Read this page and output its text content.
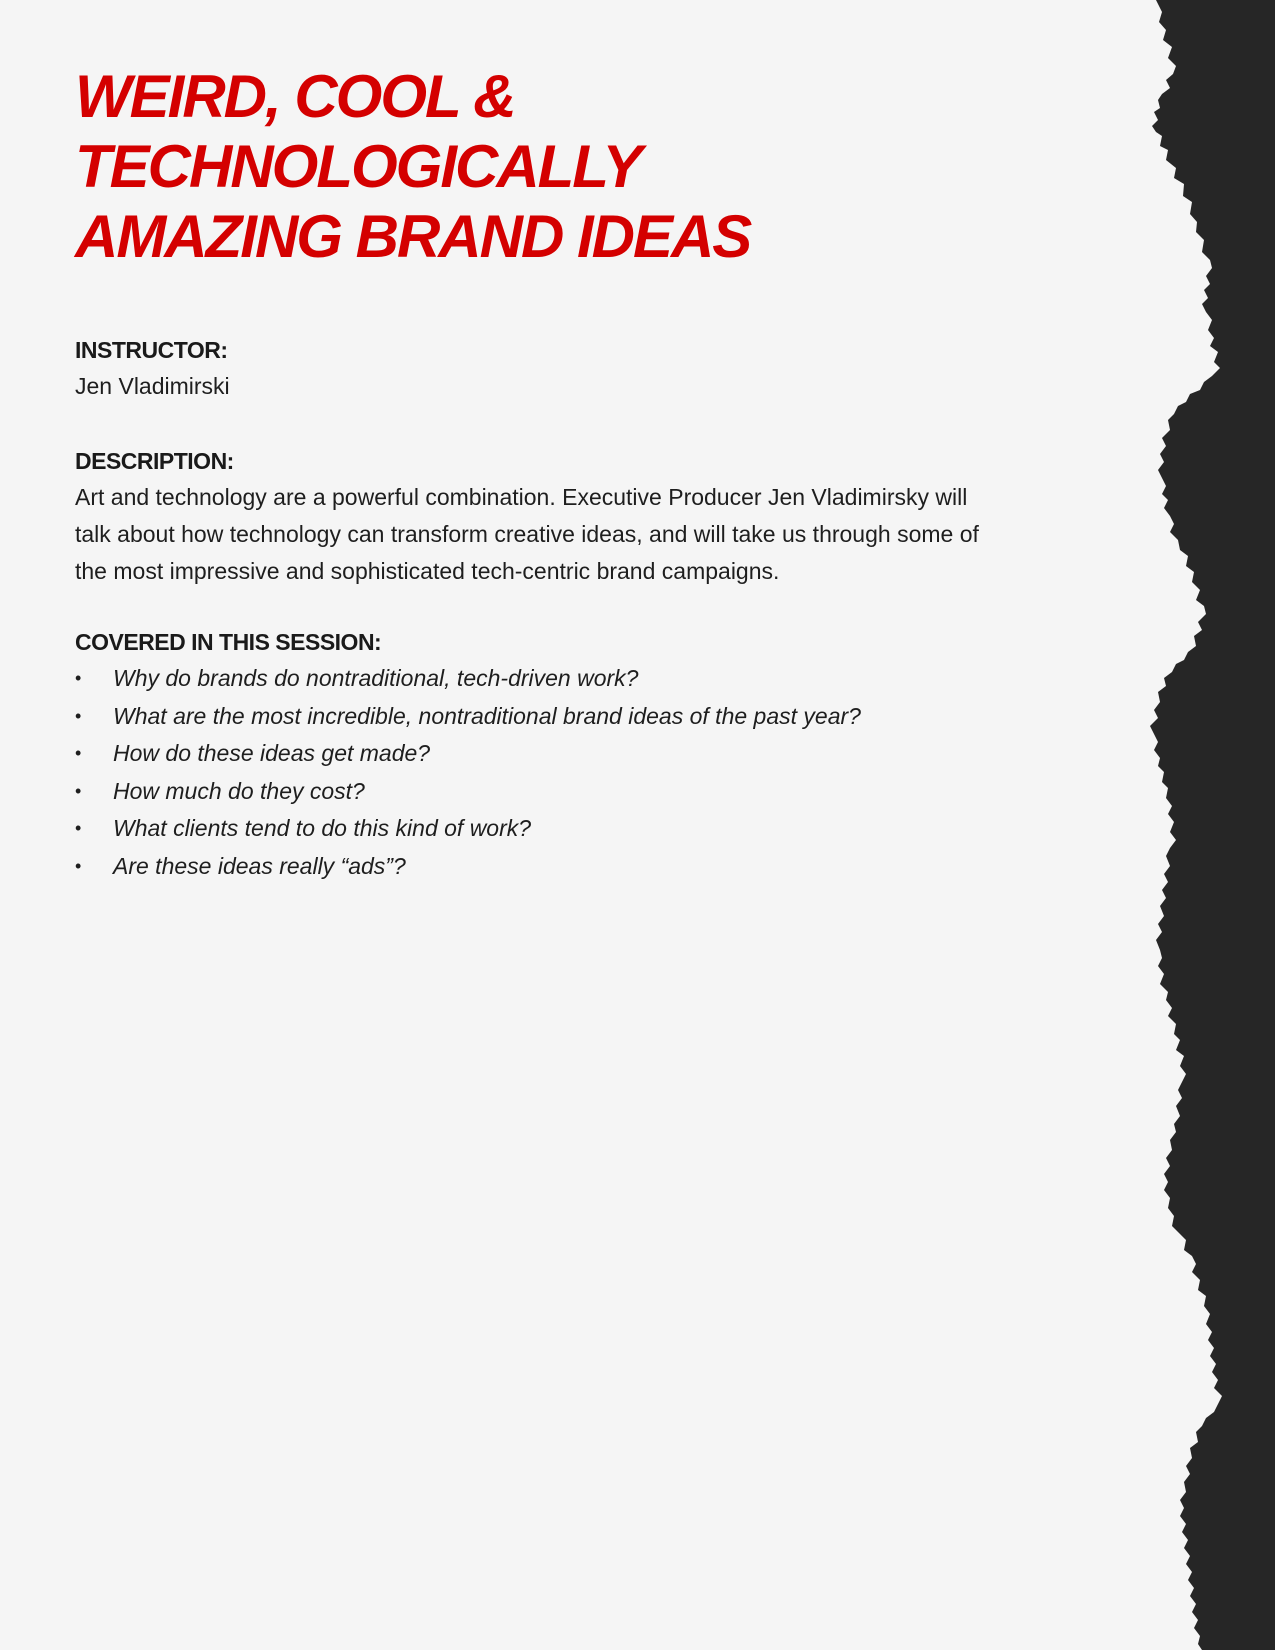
WEIRD, COOL & TECHNOLOGICALLY
AMAZING BRAND IDEAS

INSTRUCTOR:

Jen Vladimirski

DESCRIPTION:

Art and technology are a powerful combination. Executive Producer Jen Vladimirsky will talk about how technology can transform creative ideas, and will take us through some of the most impressive and sophisticated tech-centric brand campaigns.

COVERED IN THIS SESSION:

• Why do brands do nontraditional, tech-driven work?
• What are the most incredible, nontraditional brand ideas of the past year?
• How do these ideas get made?
• How much do they cost?
• What clients tend to do this kind of work?
• Are these ideas really “ads”?
